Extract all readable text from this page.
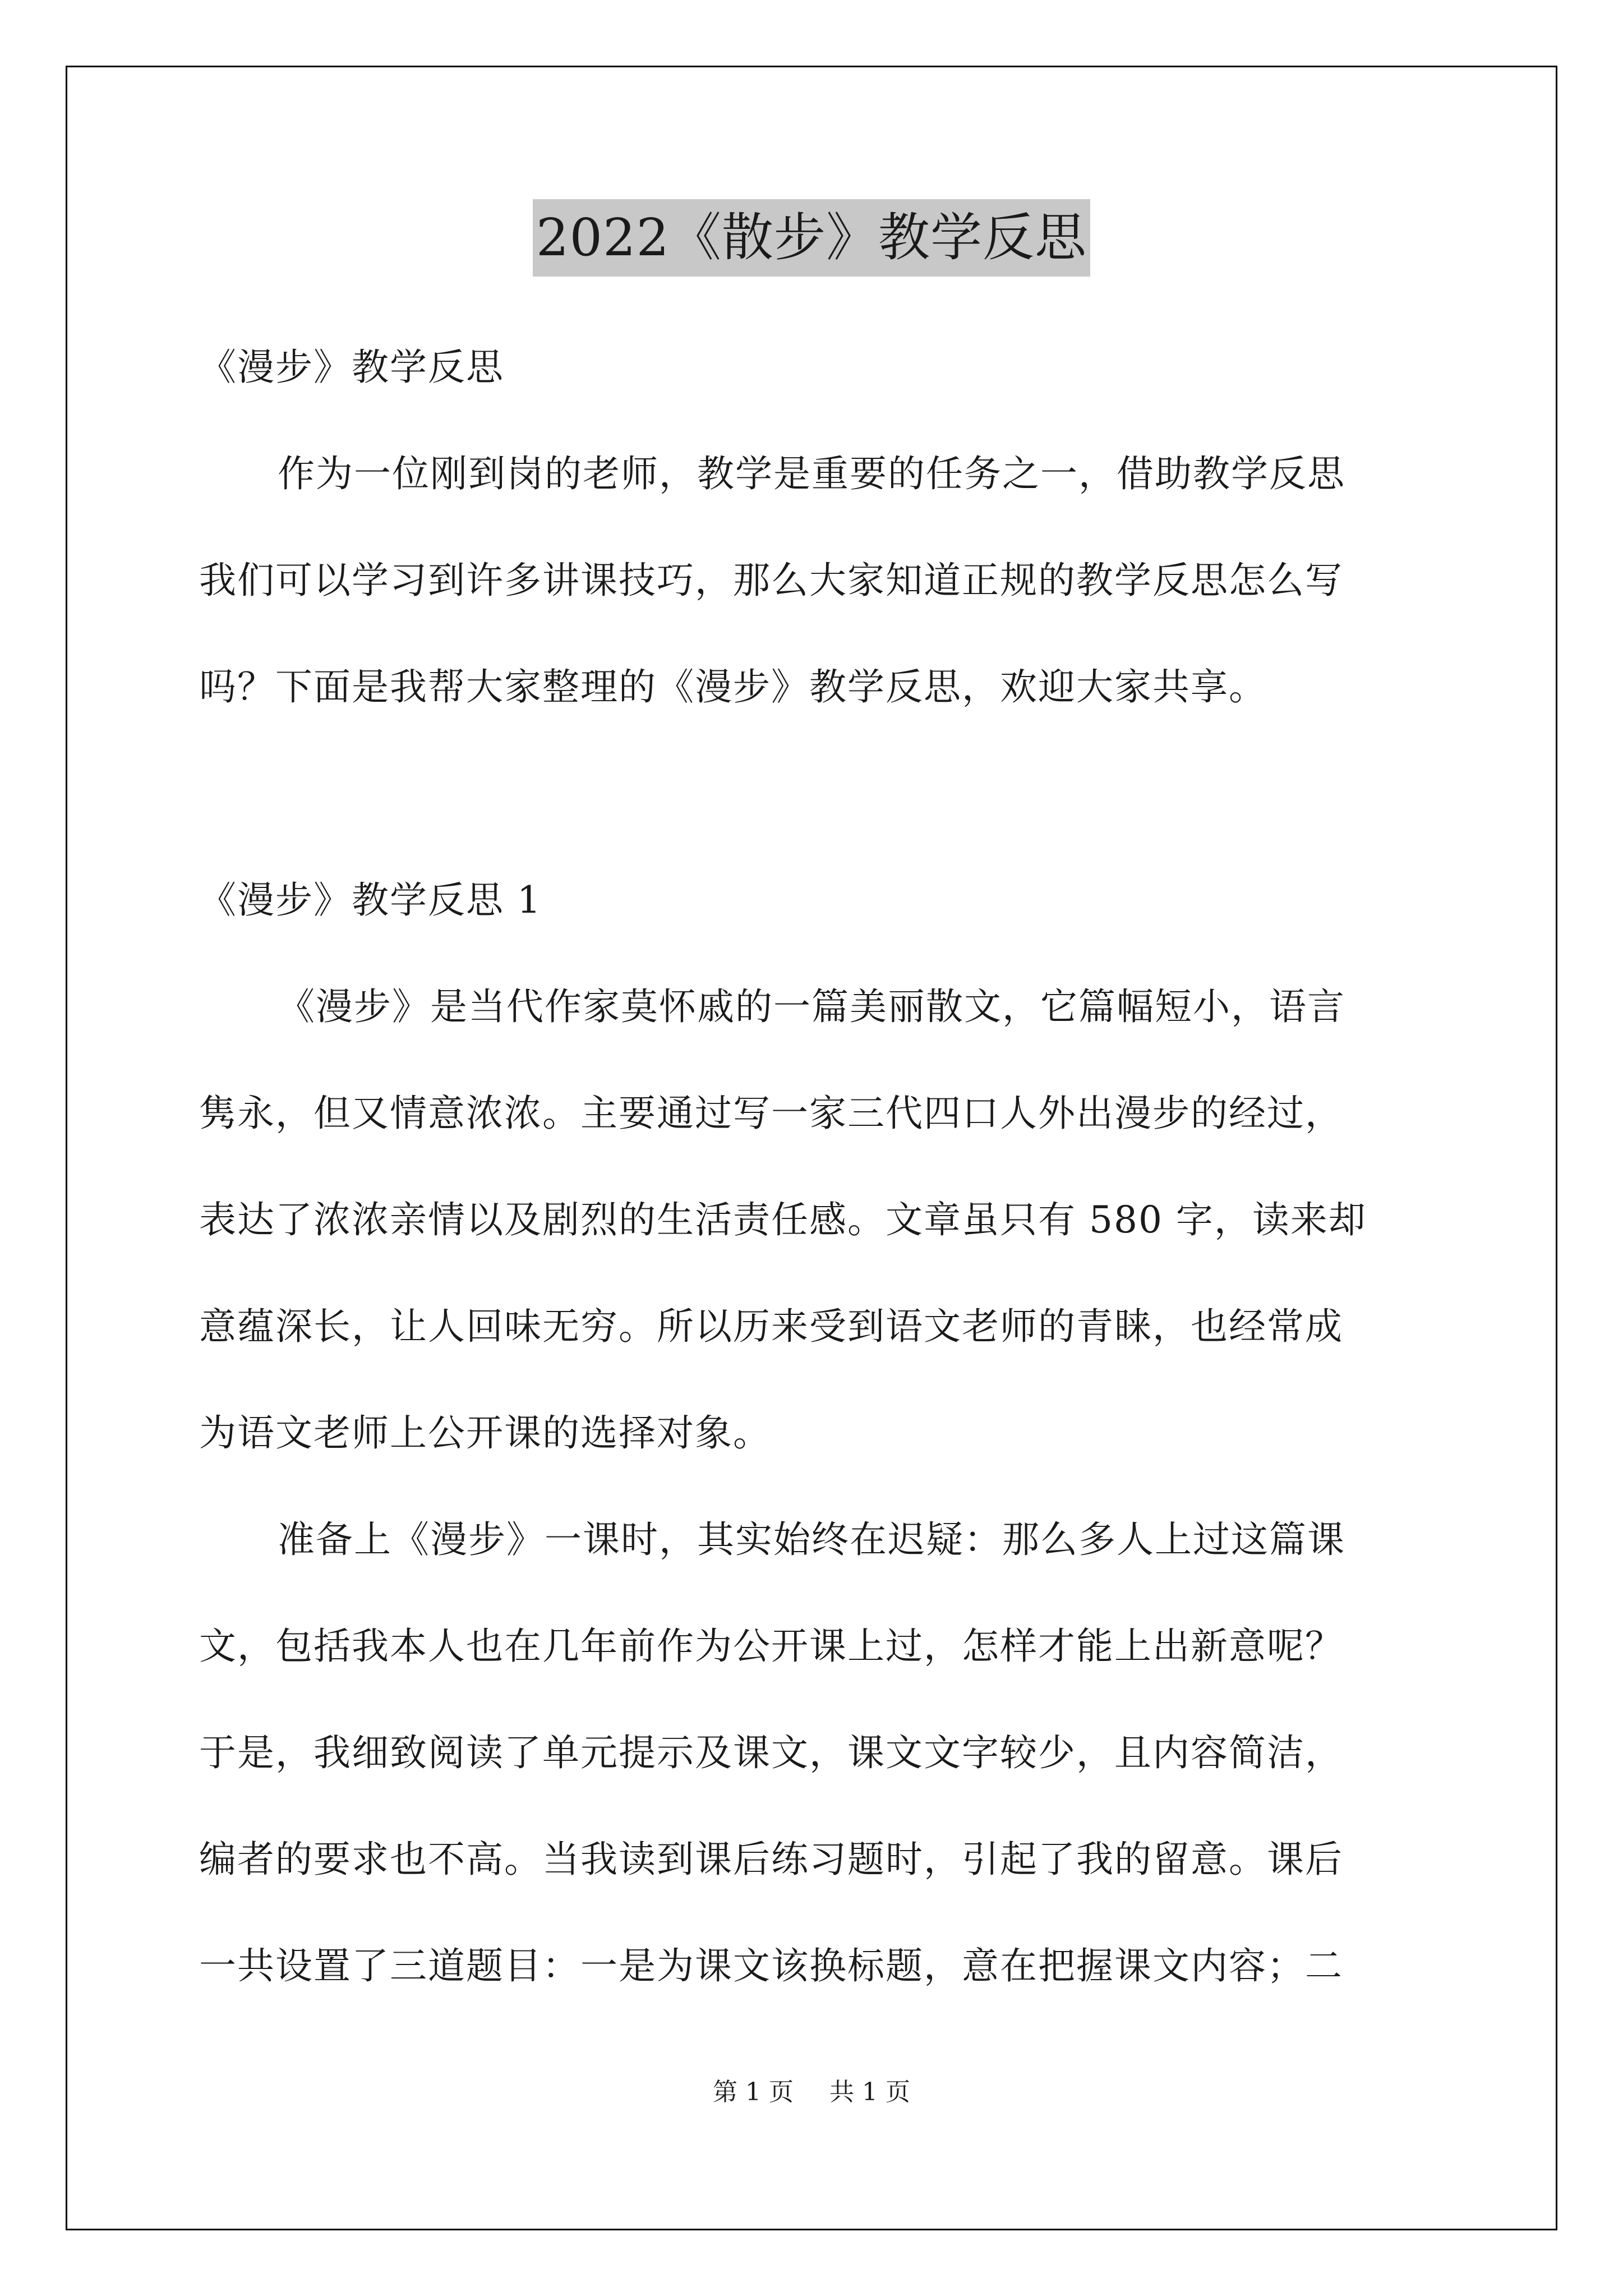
2022《散步》教学反思
《漫步》教学反思
作为一位刚到岗的老师，教学是重要的任务之一，借助教学反思
我们可以学习到许多讲课技巧，那么大家知道正规的教学反思怎么写
吗？下面是我帮大家整理的《漫步》教学反思，欢迎大家共享。
《漫步》教学反思 1
《漫步》是当代作家莫怀戚的一篇美丽散文，它篇幅短小，语言
隽永，但又情意浓浓。主要通过写一家三代四口人外出漫步的经过，
表达了浓浓亲情以及剧烈的生活责任感。文章虽只有 580 字，读来却
意蕴深长，让人回味无穷。所以历来受到语文老师的青睐，也经常成
为语文老师上公开课的选择对象。
准备上《漫步》一课时，其实始终在迟疑：那么多人上过这篇课
文，包括我本人也在几年前作为公开课上过，怎样才能上出新意呢？
于是，我细致阅读了单元提示及课文，课文文字较少，且内容简洁，
编者的要求也不高。当我读到课后练习题时，引起了我的留意。课后
一共设置了三道题目：一是为课文该换标题，意在把握课文内容；二
第 1 页 共 1 页
